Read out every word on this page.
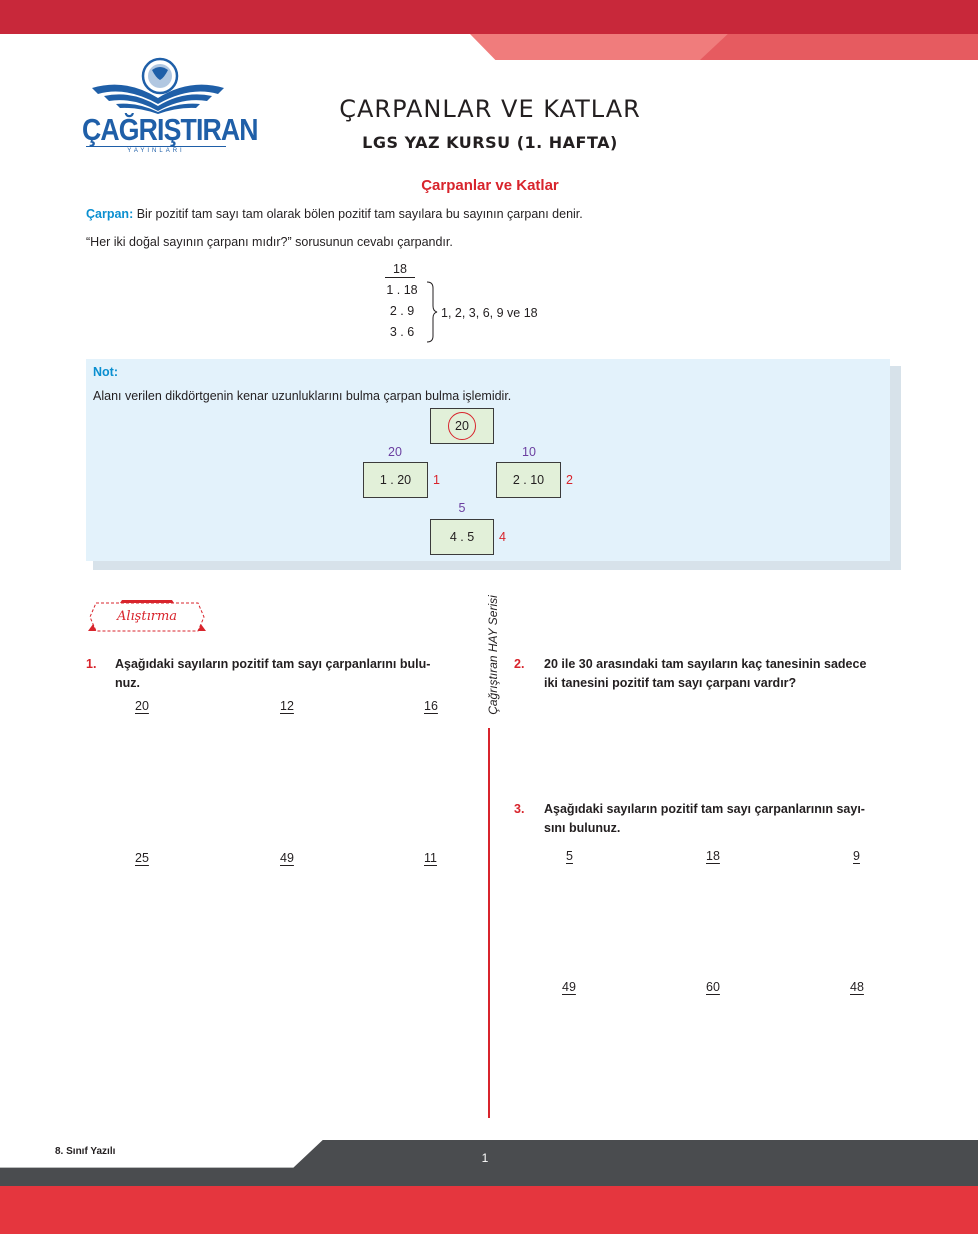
ÇAĞRIŞTIRAN
YAYINLARI
ÇARPANLAR VE KATLAR
LGS YAZ KURSU (1. HAFTA)
Çarpanlar ve Katlar
Çarpan: Bir pozitif tam sayı tam olarak bölen pozitif tam sayılara bu sayının çarpanı denir.
“Her iki doğal sayının çarpanı mıdır?” sorusunun cevabı çarpandır.
18
1 . 18
2 . 9
3 . 6
1, 2, 3, 6, 9 ve 18
Not:
Alanı verilen dikdörtgenin kenar uzunluklarını bulma çarpan bulma işlemidir.
20
20
1 . 20	1
10
2 . 10	2
5
4 . 5	4
Alıştırma	Çağrıştıran HAY Serisi
1. Aşağıdaki sayıların pozitif tam sayı çarpanlarını bulu-
nuz.
20	12	16
25	49	11
2. 20 ile 30 arasındaki tam sayıların kaç tanesinin sadece
iki tanesini pozitif tam sayı çarpanı vardır?
3. Aşağıdaki sayıların pozitif tam sayı çarpanlarının sayı-
sını bulunuz.
5	18	9
49	60	48
8. Sınıf Yazılı	1
